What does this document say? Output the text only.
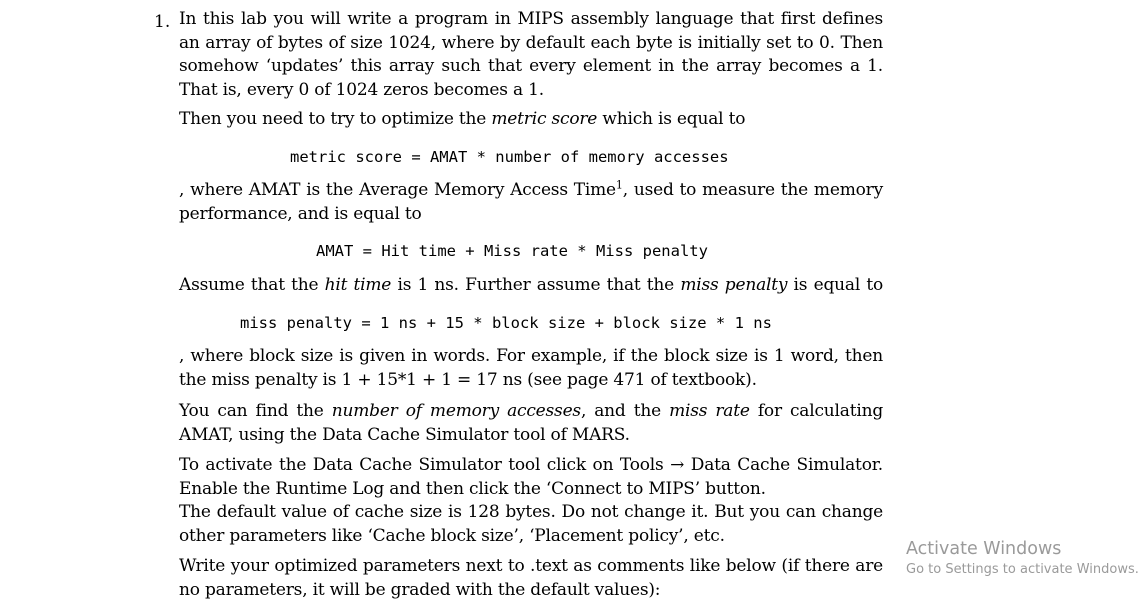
1. In this lab you will write a program in MIPS assembly language that first defines
an array of bytes of size 1024, where by default each byte is initially set to 0. Then
somehow ‘updates’ this array such that every element in the array becomes a 1.
That is, every 0 of 1024 zeros becomes a 1.
Then you need to try to optimize the metric score which is equal to
metric score = AMAT * number of memory accesses
, where AMAT is the Average Memory Access Time$^1$, used to measure the memory
performance, and is equal to
AMAT = Hit time + Miss rate * Miss penalty
Assume that the hit time is 1 ns. Further assume that the miss penalty is equal to
miss penalty = 1 ns + 15 * block size + block size * 1 ns
, where block size is given in words. For example, if the block size is 1 word, then
the miss penalty is 1 + 15*1 + 1 = 17 ns (see page 471 of textbook).
You can find the number of memory accesses, and the miss rate for calculating
AMAT, using the Data Cache Simulator tool of MARS.
To activate the Data Cache Simulator tool click on Tools → Data Cache Simulator.
Enable the Runtime Log and then click the ‘Connect to MIPS’ button.
The default value of cache size is 128 bytes. Do not change it. But you can change
other parameters like ‘Cache block size’, ‘Placement policy’, etc.
Write your optimized parameters next to .text as comments like below (if there are
no parameters, it will be graded with the default values):
Activate Windows
Go to Settings to activate Windows.
